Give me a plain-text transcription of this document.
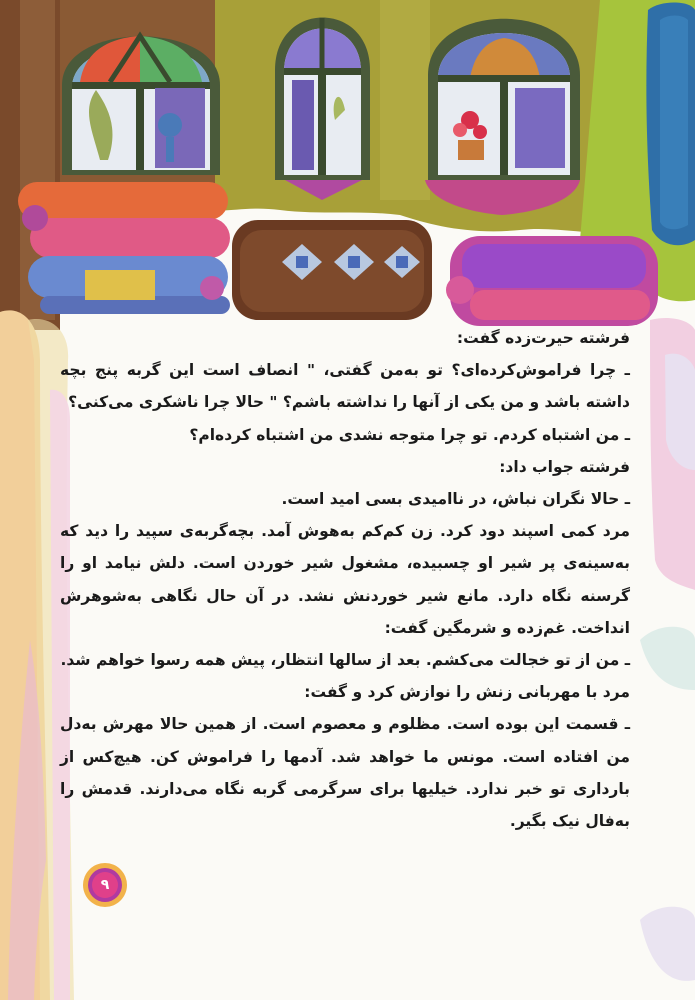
فرشته حیرت‌زده گفت:

ـ چرا فراموش‌کرده‌ای؟ تو به‌من گفتی، " انصاف است این گربه پنج بچه داشته باشد و من یکی از آنها را نداشته باشم؟ " حالا چرا ناشکری می‌کنی؟

ـ من اشتباه کردم. تو چرا متوجه نشدی من اشتباه کرده‌ام؟

فرشته جواب داد:

ـ حالا نگران نباش، در ناامیدی بسی امید است.

مرد کمی اسپند دود کرد. زن کم‌کم به‌هوش آمد. بچه‌گربه‌ی سپید را دید که به‌سینه‌ی پر شیر او چسبیده، مشغول شیر خوردن است. دلش نیامد او را گرسنه نگاه دارد. مانع شیر خوردنش نشد. در آن حال نگاهی به‌شوهرش انداخت. غم‌زده و شرمگین گفت:

ـ من از تو خجالت می‌کشم. بعد از سالها انتظار، پیش همه رسوا خواهم شد.

مرد با مهربانی زنش را نوازش کرد و گفت:

ـ قسمت این بوده است. مظلوم و معصوم است. از همین حالا مهرش به‌دل من افتاده است. مونس ما خواهد شد. آدمها را فراموش کن. هیچ‌کس از بارداری تو خبر ندارد. خیلیها برای سرگرمی گربه نگاه می‌دارند. قدمش را به‌فال نیک بگیر.

۹
